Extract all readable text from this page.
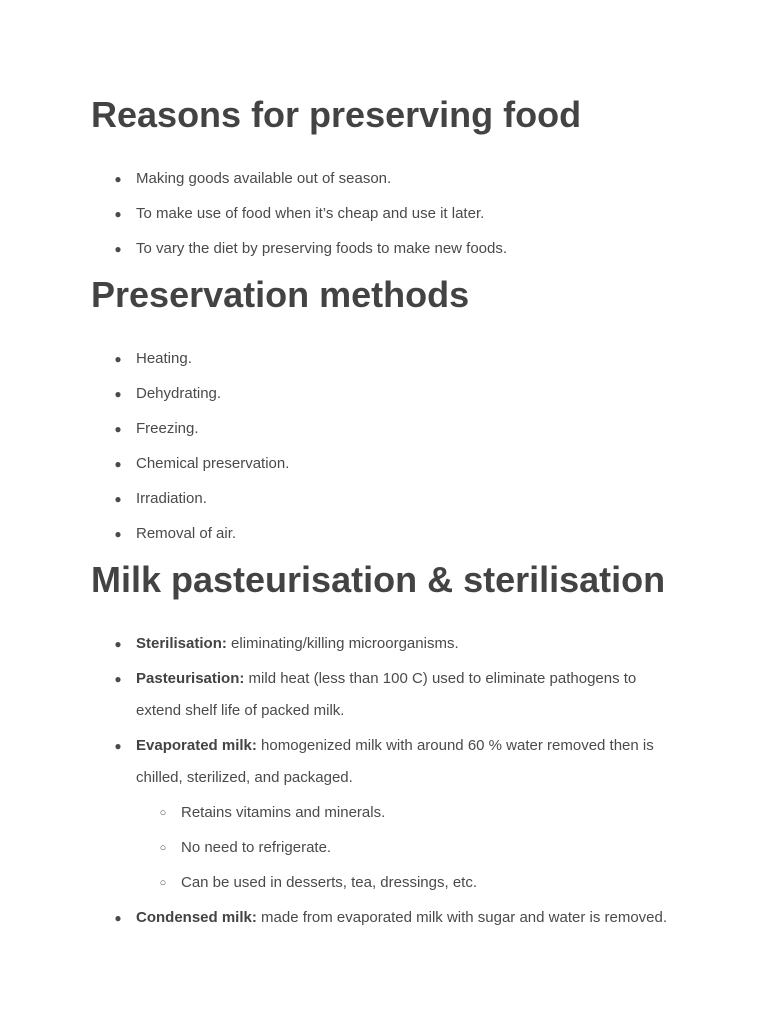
Reasons for preserving food
● Making goods available out of season.
● To make use of food when it’s cheap and use it later.
● To vary the diet by preserving foods to make new foods.
Preservation methods
● Heating.
● Dehydrating.
● Freezing.
● Chemical preservation.
● Irradiation.
● Removal of air.
Milk pasteurisation & sterilisation
● Sterilisation: eliminating/killing microorganisms.
● Pasteurisation: mild heat (less than 100 C) used to eliminate pathogens to extend shelf life of packed milk.
● Evaporated milk: homogenized milk with around 60 % water removed then is chilled, sterilized, and packaged.
○ Retains vitamins and minerals.
○ No need to refrigerate.
○ Can be used in desserts, tea, dressings, etc.
● Condensed milk: made from evaporated milk with sugar and water is removed.
